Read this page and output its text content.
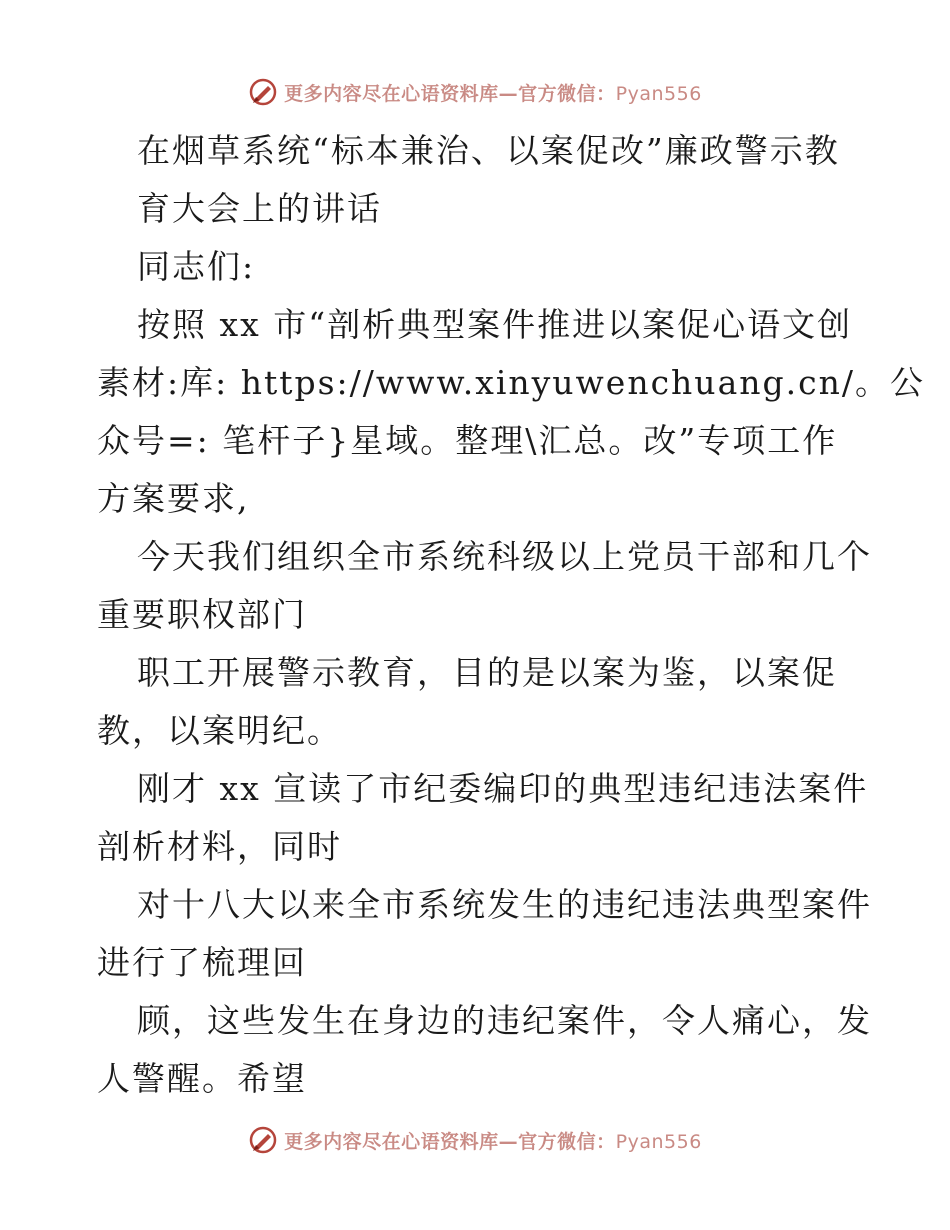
更多内容尽在心语资料库—官方微信：Pyan556
在烟草系统“标本兼治、以案促改”廉政警示教
育大会上的讲话
同志们:
按照 xx 市“剖析典型案件推进以案促心语文创
素材:库: https://www.xinyuwenchuang.cn/。公
众号=: 笔杆子}星域。整理\汇总。改”专项工作
方案要求,
今天我们组织全市系统科级以上党员干部和几个
重要职权部门
职工开展警示教育，目的是以案为鉴，以案促
教，以案明纪。
刚才 xx 宣读了市纪委编印的典型违纪违法案件
剖析材料，同时
对十八大以来全市系统发生的违纪违法典型案件
进行了梳理回
顾，这些发生在身边的违纪案件，令人痛心，发
人警醒。希望
更多内容尽在心语资料库—官方微信：Pyan556
